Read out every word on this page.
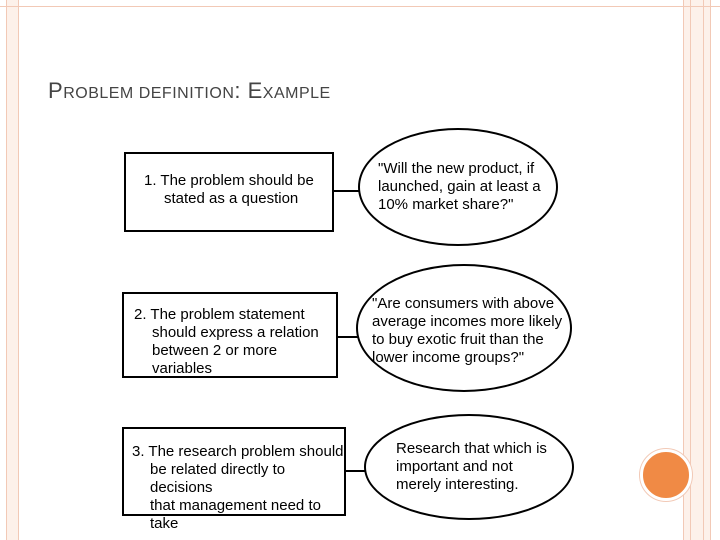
PROBLEM DEFINITION: EXAMPLE
1. The problem should be
stated as a question
"Will the new product, if
launched, gain at least a
10% market share?"
2. The problem statement
should express a relation
between 2 or more variables
"Are consumers with above
average incomes more likely
to buy exotic fruit than the
lower income groups?"
3. The research problem should
be related directly to decisions
that management need to take
Research that which is
important and not
merely interesting.
